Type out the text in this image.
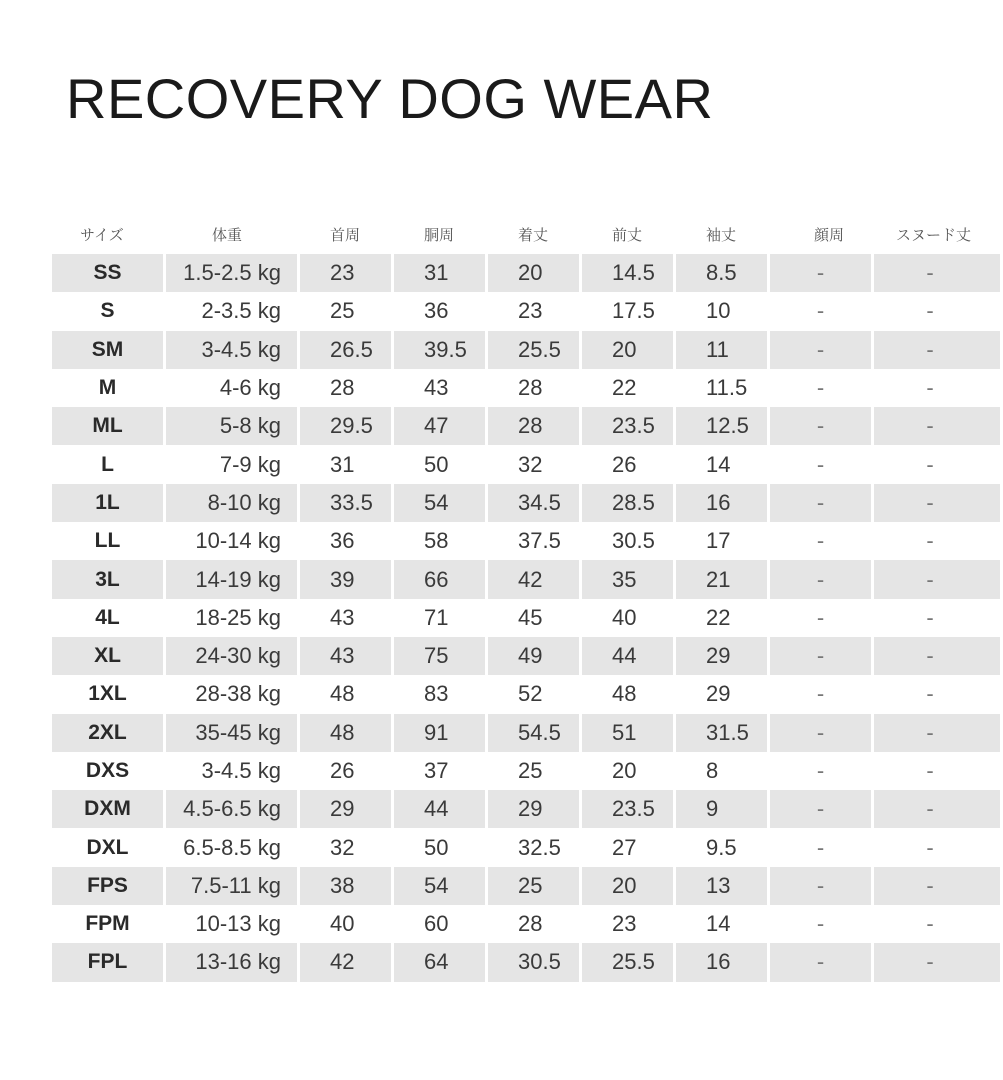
RECOVERY DOG WEAR
サイズ	体重	首周	胴周	着丈	前丈	袖丈	顔周	スヌード丈
SS	1.5-2.5 kg	23	31	20	14.5	8.5	-	-
S	2-3.5 kg	25	36	23	17.5	10	-	-
SM	3-4.5 kg	26.5	39.5	25.5	20	11	-	-
M	4-6 kg	28	43	28	22	11.5	-	-
ML	5-8 kg	29.5	47	28	23.5	12.5	-	-
L	7-9 kg	31	50	32	26	14	-	-
1L	8-10 kg	33.5	54	34.5	28.5	16	-	-
LL	10-14 kg	36	58	37.5	30.5	17	-	-
3L	14-19 kg	39	66	42	35	21	-	-
4L	18-25 kg	43	71	45	40	22	-	-
XL	24-30 kg	43	75	49	44	29	-	-
1XL	28-38 kg	48	83	52	48	29	-	-
2XL	35-45 kg	48	91	54.5	51	31.5	-	-
DXS	3-4.5 kg	26	37	25	20	8	-	-
DXM	4.5-6.5 kg	29	44	29	23.5	9	-	-
DXL	6.5-8.5 kg	32	50	32.5	27	9.5	-	-
FPS	7.5-11 kg	38	54	25	20	13	-	-
FPM	10-13 kg	40	60	28	23	14	-	-
FPL	13-16 kg	42	64	30.5	25.5	16	-	-
